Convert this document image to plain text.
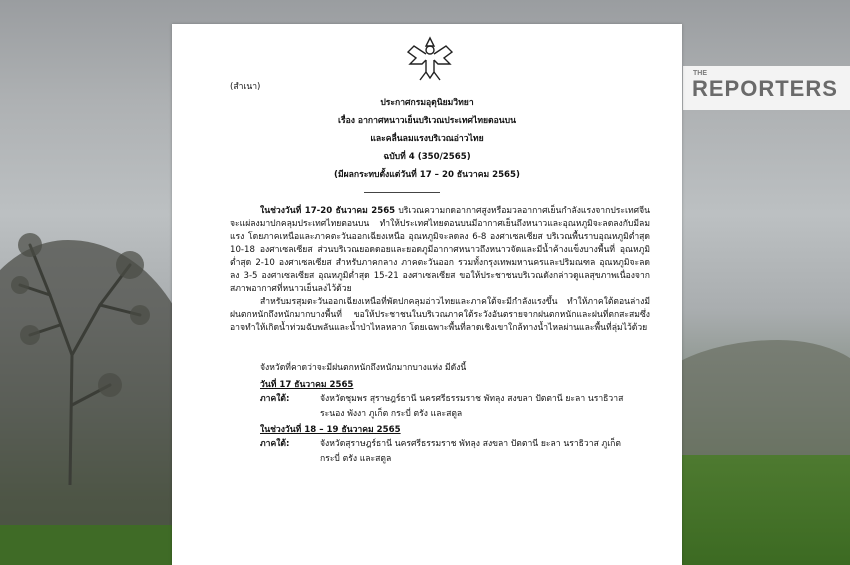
THE
REPORTERS
(สำเนา)
ประกาศกรมอุตุนิยมวิทยา
เรื่อง อากาศหนาวเย็นบริเวณประเทศไทยตอนบน
และคลื่นลมแรงบริเวณอ่าวไทย
ฉบับที่ 4 (350/2565)
(มีผลกระทบตั้งแต่วันที่ 17 – 20 ธันวาคม 2565)
ในช่วงวันที่ 17-20 ธันวาคม 2565 บริเวณความกดอากาศสูงหรือมวลอากาศเย็นกำลังแรงจากประเทศจีนจะแผ่ลงมาปกคลุมประเทศไทยตอนบน ทำให้ประเทศไทยตอนบนมีอากาศเย็นถึงหนาวและอุณหภูมิจะลดลงกับมีลมแรง โดยภาคเหนือและภาคตะวันออกเฉียงเหนือ อุณหภูมิจะลดลง 6-8 องศาเซลเซียส บริเวณพื้นราบอุณหภูมิต่ำสุด 10-18 องศาเซลเซียส ส่วนบริเวณยอดดอยและยอดภูมีอากาศหนาวถึงหนาวจัดและมีน้ำค้างแข็งบางพื้นที่ อุณหภูมิต่ำสุด 2-10 องศาเซลเซียส สำหรับภาคกลาง ภาคตะวันออก รวมทั้งกรุงเทพมหานครและปริมณฑล อุณหภูมิจะลดลง 3-5 องศาเซลเซียส อุณหภูมิต่ำสุด 15-21 องศาเซลเซียส ขอให้ประชาชนบริเวณดังกล่าวดูแลสุขภาพเนื่องจากสภาพอากาศที่หนาวเย็นลงไว้ด้วย
สำหรับมรสุมตะวันออกเฉียงเหนือที่พัดปกคลุมอ่าวไทยและภาคใต้จะมีกำลังแรงขึ้น ทำให้ภาคใต้ตอนล่างมีฝนตกหนักถึงหนักมากบางพื้นที่ ขอให้ประชาชนในบริเวณภาคใต้ระวังอันตรายจากฝนตกหนักและฝนที่ตกสะสมซึ่งอาจทำให้เกิดน้ำท่วมฉับพลันและน้ำป่าไหลหลาก โดยเฉพาะพื้นที่ลาดเชิงเขาใกล้ทางน้ำไหลผ่านและพื้นที่ลุ่มไว้ด้วย
จังหวัดที่คาดว่าจะมีฝนตกหนักถึงหนักมากบางแห่ง มีดังนี้
วันที่ 17 ธันวาคม 2565
ภาคใต้:	จังหวัดชุมพร สุราษฎร์ธานี นครศรีธรรมราช พัทลุง สงขลา ปัตตานี ยะลา นราธิวาส
ระนอง พังงา ภูเก็ต กระบี่ ตรัง และสตูล
ในช่วงวันที่ 18 – 19 ธันวาคม 2565
ภาคใต้:	จังหวัดสุราษฎร์ธานี นครศรีธรรมราช พัทลุง สงขลา ปัตตานี ยะลา นราธิวาส ภูเก็ต
กระบี่ ตรัง และสตูล
